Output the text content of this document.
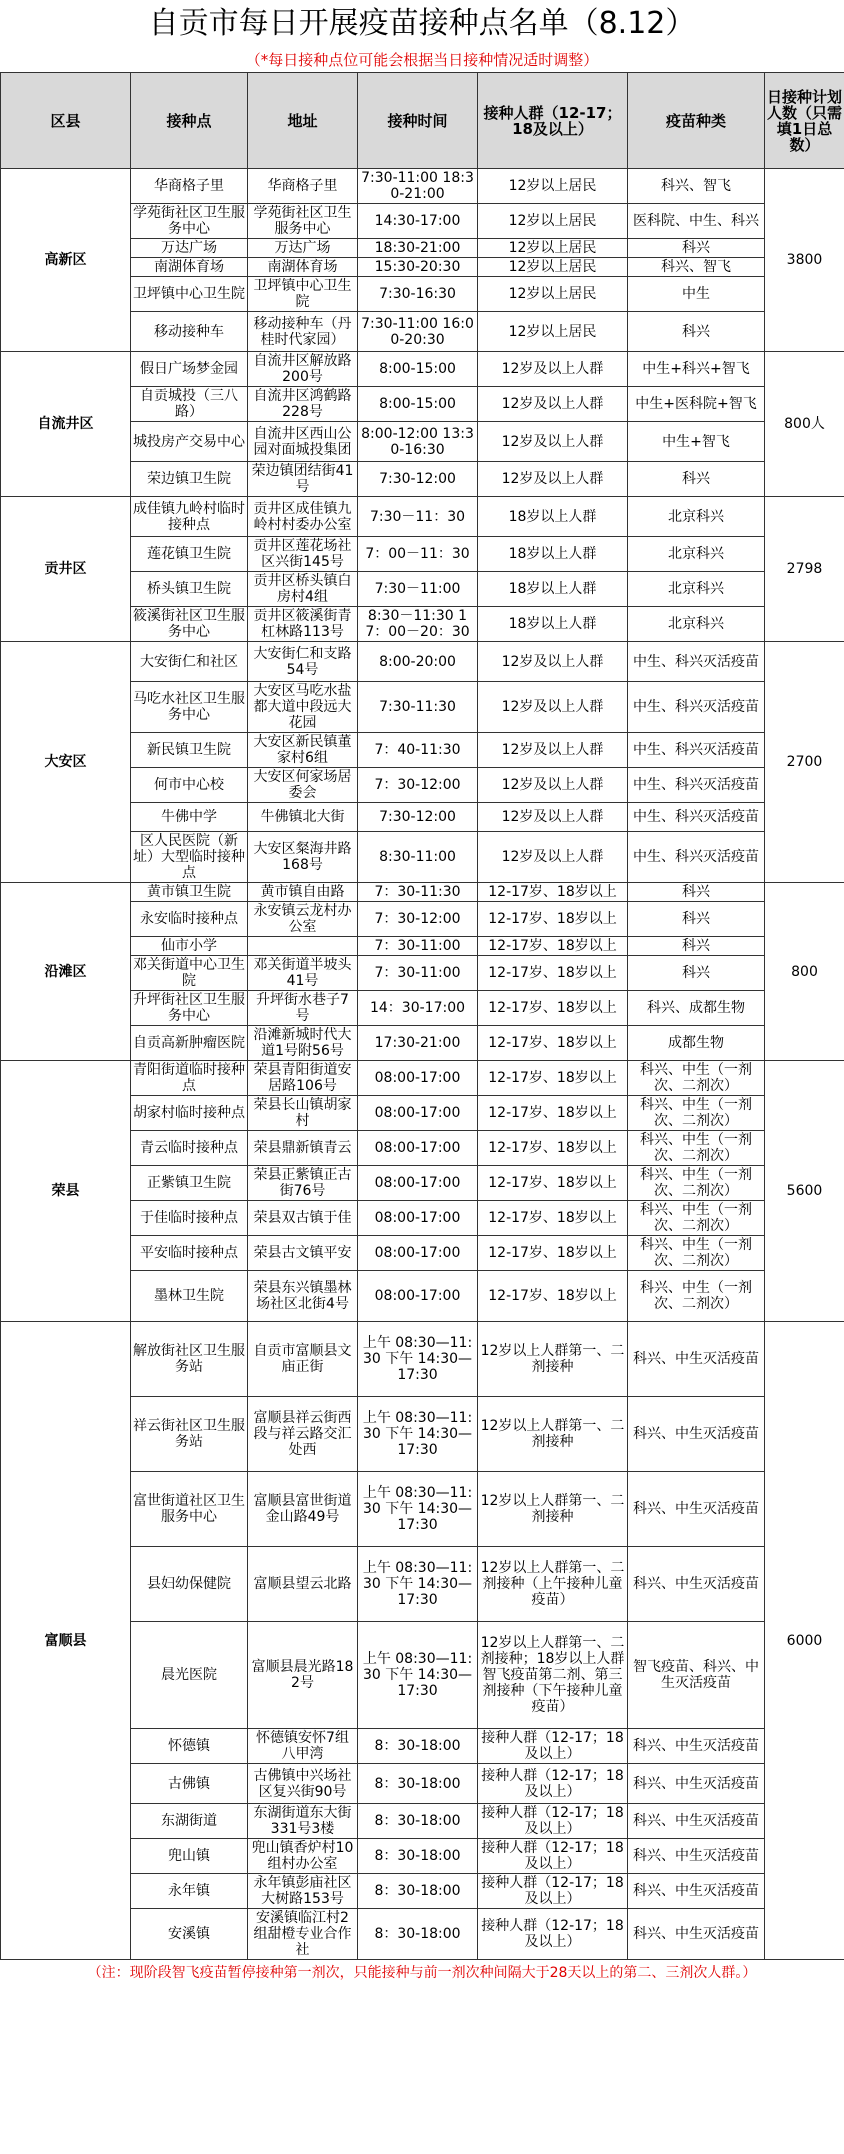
自贡市每日开展疫苗接种点名单（8.12）
（*每日接种点位可能会根据当日接种情况适时调整）
区县	接种点	地址	接种时间	接种人群（12-17；18及以上）	疫苗种类	日接种计划人数（只需填1日总数）
高新区	华商格子里	华商格子里	7:30-11:00 18:30-21:00	12岁以上居民	科兴、智飞	3800
	学苑街社区卫生服务中心	学苑街社区卫生服务中心	14:30-17:00	12岁以上居民	医科院、中生、科兴	
	万达广场	万达广场	18:30-21:00	12岁以上居民	科兴	
	南湖体育场	南湖体育场	15:30-20:30	12岁以上居民	科兴、智飞	
	卫坪镇中心卫生院	卫坪镇中心卫生院	7:30-16:30	12岁以上居民	中生	
	移动接种车	移动接种车（丹桂时代家园）	7:30-11:00 16:00-20:30	12岁以上居民	科兴	
自流井区	假日广场梦金园	自流井区解放路200号	8:00-15:00	12岁及以上人群	中生+科兴+智飞	800人
	自贡城投（三八路）	自流井区鸿鹤路228号	8:00-15:00	12岁及以上人群	中生+医科院+智飞	
	城投房产交易中心	自流井区西山公园对面城投集团	8:00-12:00 13:30-16:30	12岁及以上人群	中生+智飞	
	荣边镇卫生院	荣边镇团结街41号	7:30-12:00	12岁及以上人群	科兴	
贡井区	成佳镇九岭村临时接种点	贡井区成佳镇九岭村村委办公室	7:30－11：30	18岁以上人群	北京科兴	2798
	莲花镇卫生院	贡井区莲花场社区兴街145号	7：00－11：30	18岁以上人群	北京科兴	
	桥头镇卫生院	贡井区桥头镇白房村4组	7:30－11:00	18岁以上人群	北京科兴	
	筱溪街社区卫生服务中心	贡井区筱溪街青杠林路113号	8:30－11:30 17：00－20：30	18岁以上人群	北京科兴	
大安区	大安街仁和社区	大安街仁和支路54号	8:00-20:00	12岁及以上人群	中生、科兴灭活疫苗	2700
	马吃水社区卫生服务中心	大安区马吃水盐都大道中段远大花园	7:30-11:30	12岁及以上人群	中生、科兴灭活疫苗	
	新民镇卫生院	大安区新民镇董家村6组	7：40-11:30	12岁及以上人群	中生、科兴灭活疫苗	
	何市中心校	大安区何家场居委会	7：30-12:00	12岁及以上人群	中生、科兴灭活疫苗	
	牛佛中学	牛佛镇北大街	7:30-12:00	12岁及以上人群	中生、科兴灭活疫苗	
	区人民医院（新址）大型临时接种点	大安区粲海井路168号	8:30-11:00	12岁及以上人群	中生、科兴灭活疫苗	
沿滩区	黄市镇卫生院	黄市镇自由路	7：30-11:30	12-17岁、18岁以上	科兴	800
	永安临时接种点	永安镇云龙村办公室	7：30-12:00	12-17岁、18岁以上	科兴	
	仙市小学		7：30-11:00	12-17岁、18岁以上	科兴	
	邓关街道中心卫生院	邓关街道半坡头41号	7：30-11:00	12-17岁、18岁以上	科兴	
	升坪街社区卫生服务中心	升坪街水巷子7号	14：30-17:00	12-17岁、18岁以上	科兴、成都生物	
	自贡高新肿瘤医院	沿滩新城时代大道1号附56号	17:30-21:00	12-17岁、18岁以上	成都生物	
荣县	青阳街道临时接种点	荣县青阳街道安居路106号	08:00-17:00	12-17岁、18岁以上	科兴、中生（一剂次、二剂次）	5600
	胡家村临时接种点	荣县长山镇胡家村	08:00-17:00	12-17岁、18岁以上	科兴、中生（一剂次、二剂次）	
	青云临时接种点	荣县鼎新镇青云	08:00-17:00	12-17岁、18岁以上	科兴、中生（一剂次、二剂次）	
	正紫镇卫生院	荣县正紫镇正古街76号	08:00-17:00	12-17岁、18岁以上	科兴、中生（一剂次、二剂次）	
	于佳临时接种点	荣县双古镇于佳	08:00-17:00	12-17岁、18岁以上	科兴、中生（一剂次、二剂次）	
	平安临时接种点	荣县古文镇平安	08:00-17:00	12-17岁、18岁以上	科兴、中生（一剂次、二剂次）	
	墨林卫生院	荣县东兴镇墨林场社区北街4号	08:00-17:00	12-17岁、18岁以上	科兴、中生（一剂次、二剂次）	
富顺县	解放街社区卫生服务站	自贡市富顺县文庙正街	上午 08:30—11:30 下午 14:30—17:30	12岁以上人群第一、二剂接种	科兴、中生灭活疫苗	6000
	祥云街社区卫生服务站	富顺县祥云街西段与祥云路交汇处西	上午 08:30—11:30 下午 14:30—17:30	12岁以上人群第一、二剂接种	科兴、中生灭活疫苗	
	富世街道社区卫生服务中心	富顺县富世街道金山路49号	上午 08:30—11:30 下午 14:30—17:30	12岁以上人群第一、二剂接种	科兴、中生灭活疫苗	
	县妇幼保健院	富顺县望云北路	上午 08:30—11:30 下午 14:30—17:30	12岁以上人群第一、二剂接种（上午接种儿童疫苗）	科兴、中生灭活疫苗	
	晨光医院	富顺县晨光路182号	上午 08:30—11:30 下午 14:30—17:30	12岁以上人群第一、二剂接种；18岁以上人群智飞疫苗第二剂、第三剂接种（下午接种儿童疫苗）	智飞疫苗、科兴、中生灭活疫苗	
	怀德镇	怀德镇安怀7组八甲湾	8：30-18:00	接种人群（12-17；18及以上）	科兴、中生灭活疫苗	
	古佛镇	古佛镇中兴场社区复兴街90号	8：30-18:00	接种人群（12-17；18及以上）	科兴、中生灭活疫苗	
	东湖街道	东湖街道东大街331号3楼	8：30-18:00	接种人群（12-17；18及以上）	科兴、中生灭活疫苗	
	兜山镇	兜山镇香炉村10组村办公室	8：30-18:00	接种人群（12-17；18及以上）	科兴、中生灭活疫苗	
	永年镇	永年镇彭庙社区大树路153号	8：30-18:00	接种人群（12-17；18及以上）	科兴、中生灭活疫苗	
	安溪镇	安溪镇临江村2组甜橙专业合作社	8：30-18:00	接种人群（12-17；18及以上）	科兴、中生灭活疫苗	
（注：现阶段智飞疫苗暂停接种第一剂次，只能接种与前一剂次种间隔大于28天以上的第二、三剂次人群。）
